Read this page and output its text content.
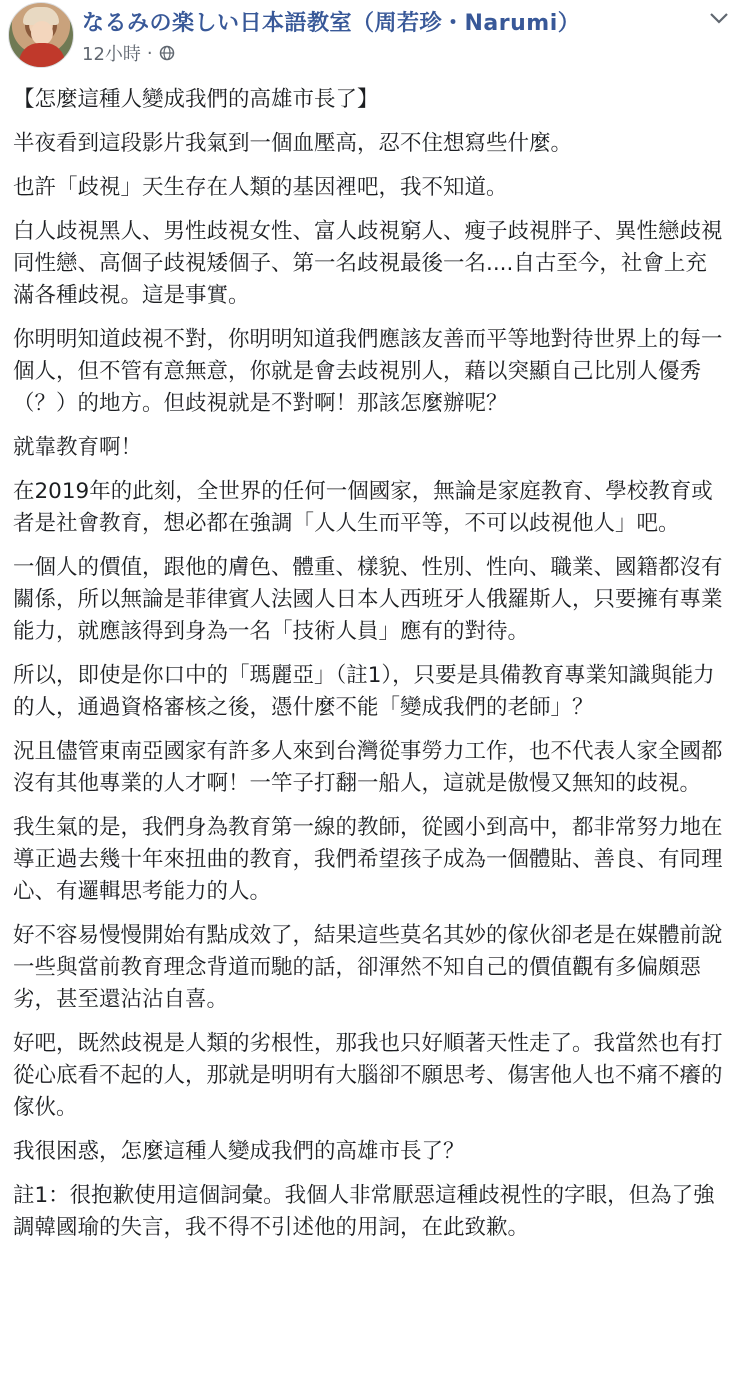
なるみの楽しい日本語教室（周若珍・Narumi）
12小時 ·

【怎麼這種人變成我們的高雄市長了】

半夜看到這段影片我氣到一個血壓高，忍不住想寫些什麼。

也許「歧視」天生存在人類的基因裡吧，我不知道。

白人歧視黑人、男性歧視女性、富人歧視窮人、瘦子歧視胖子、異性戀歧視同性戀、高個子歧視矮個子、第一名歧視最後一名....自古至今，社會上充滿各種歧視。這是事實。

你明明知道歧視不對，你明明知道我們應該友善而平等地對待世界上的每一個人，但不管有意無意，你就是會去歧視別人，藉以突顯自己比別人優秀（？）的地方。但歧視就是不對啊！那該怎麼辦呢？

就靠教育啊！

在2019年的此刻，全世界的任何一個國家，無論是家庭教育、學校教育或者是社會教育，想必都在強調「人人生而平等，不可以歧視他人」吧。

一個人的價值，跟他的膚色、體重、樣貌、性別、性向、職業、國籍都沒有關係，所以無論是菲律賓人法國人日本人西班牙人俄羅斯人，只要擁有專業能力，就應該得到身為一名「技術人員」應有的對待。

所以，即使是你口中的「瑪麗亞」（註1），只要是具備教育專業知識與能力的人，通過資格審核之後，憑什麼不能「變成我們的老師」？

況且儘管東南亞國家有許多人來到台灣從事勞力工作，也不代表人家全國都沒有其他專業的人才啊！一竿子打翻一船人，這就是傲慢又無知的歧視。

我生氣的是，我們身為教育第一線的教師，從國小到高中，都非常努力地在導正過去幾十年來扭曲的教育，我們希望孩子成為一個體貼、善良、有同理心、有邏輯思考能力的人。

好不容易慢慢開始有點成效了，結果這些莫名其妙的傢伙卻老是在媒體前說一些與當前教育理念背道而馳的話，卻渾然不知自己的價值觀有多偏頗惡劣，甚至還沾沾自喜。

好吧，既然歧視是人類的劣根性，那我也只好順著天性走了。我當然也有打從心底看不起的人，那就是明明有大腦卻不願思考、傷害他人也不痛不癢的傢伙。

我很困惑，怎麼這種人變成我們的高雄市長了？

註1：很抱歉使用這個詞彙。我個人非常厭惡這種歧視性的字眼，但為了強調韓國瑜的失言，我不得不引述他的用詞，在此致歉。
